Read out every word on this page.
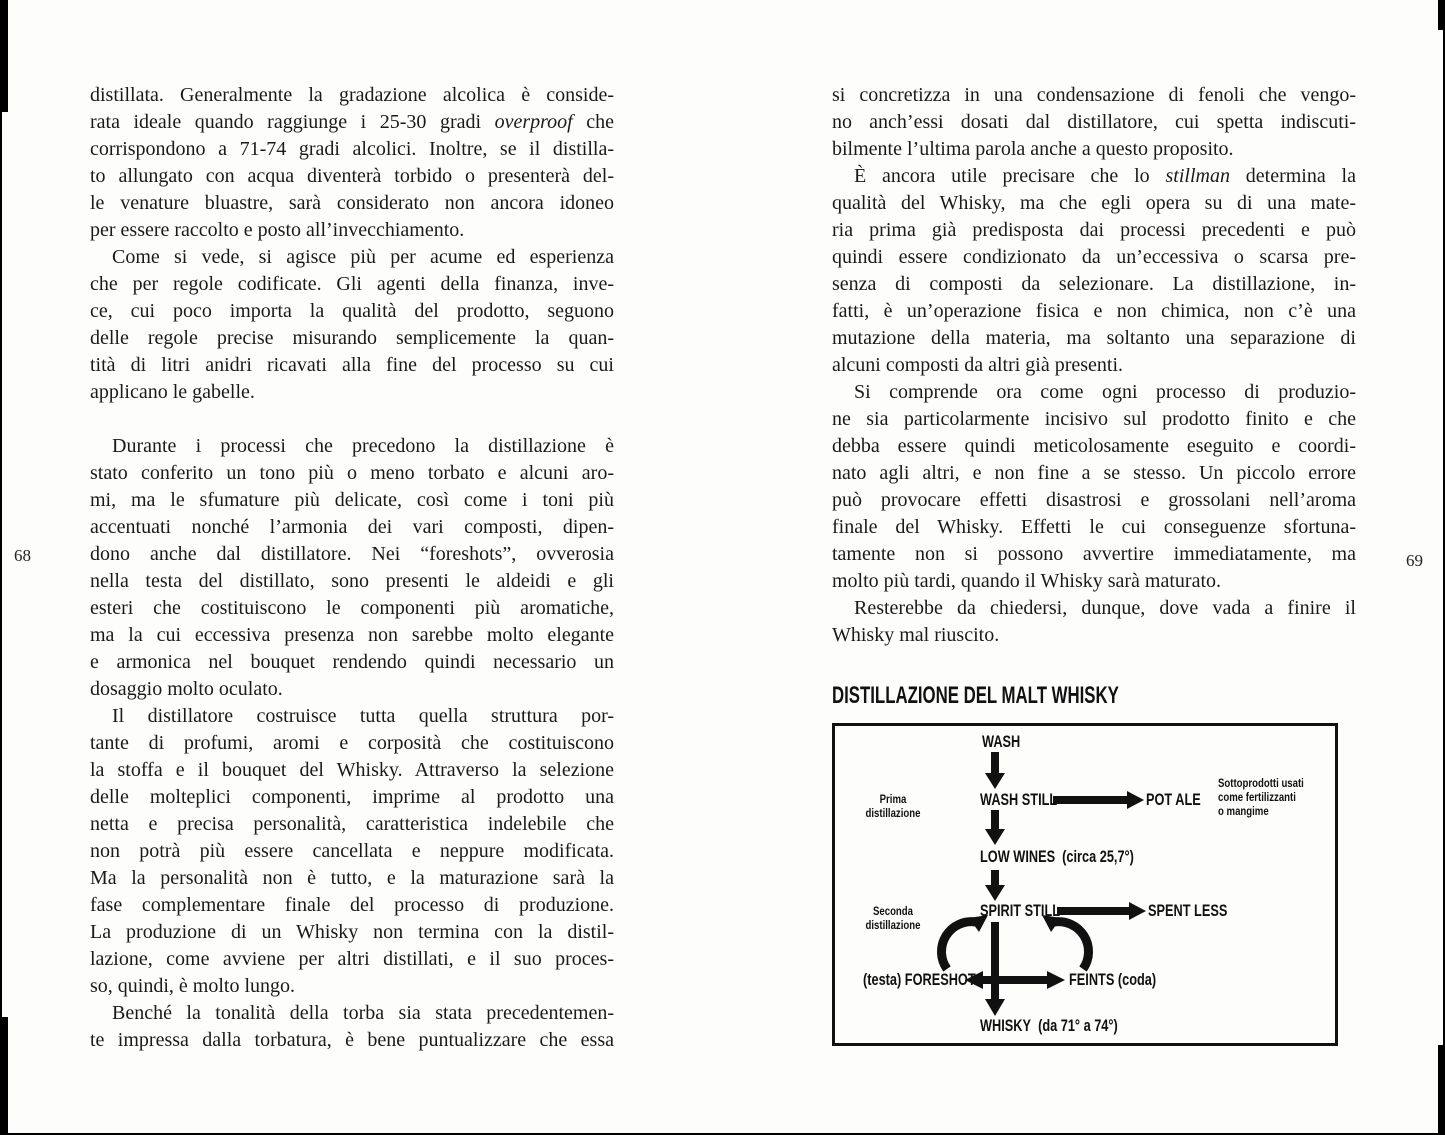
68	69
distillata. Generalmente la gradazione alcolica è conside-
rata ideale quando raggiunge i 25-30 gradi overproof che
corrispondono a 71-74 gradi alcolici. Inoltre, se il distilla-
to allungato con acqua diventerà torbido o presenterà del-
le venature bluastre, sarà considerato non ancora idoneo
per essere raccolto e posto all’invecchiamento.
Come si vede, si agisce più per acume ed esperienza
che per regole codificate. Gli agenti della finanza, inve-
ce, cui poco importa la qualità del prodotto, seguono
delle regole precise misurando semplicemente la quan-
tità di litri anidri ricavati alla fine del processo su cui
applicano le gabelle.
Durante i processi che precedono la distillazione è
stato conferito un tono più o meno torbato e alcuni aro-
mi, ma le sfumature più delicate, così come i toni più
accentuati nonché l’armonia dei vari composti, dipen-
dono anche dal distillatore. Nei “foreshots”, ovverosia
nella testa del distillato, sono presenti le aldeidi e gli
esteri che costituiscono le componenti più aromatiche,
ma la cui eccessiva presenza non sarebbe molto elegante
e armonica nel bouquet rendendo quindi necessario un
dosaggio molto oculato.
Il distillatore costruisce tutta quella struttura por-
tante di profumi, aromi e corposità che costituiscono
la stoffa e il bouquet del Whisky. Attraverso la selezione
delle molteplici componenti, imprime al prodotto una
netta e precisa personalità, caratteristica indelebile che
non potrà più essere cancellata e neppure modificata.
Ma la personalità non è tutto, e la maturazione sarà la
fase complementare finale del processo di produzione.
La produzione di un Whisky non termina con la distil-
lazione, come avviene per altri distillati, e il suo proces-
so, quindi, è molto lungo.
Benché la tonalità della torba sia stata precedentemen-
te impressa dalla torbatura, è bene puntualizzare che essa
si concretizza in una condensazione di fenoli che vengo-
no anch’essi dosati dal distillatore, cui spetta indiscuti-
bilmente l’ultima parola anche a questo proposito.
È ancora utile precisare che lo stillman determina la
qualità del Whisky, ma che egli opera su di una mate-
ria prima già predisposta dai processi precedenti e può
quindi essere condizionato da un’eccessiva o scarsa pre-
senza di composti da selezionare. La distillazione, in-
fatti, è un’operazione fisica e non chimica, non c’è una
mutazione della materia, ma soltanto una separazione di
alcuni composti da altri già presenti.
Si comprende ora come ogni processo di produzio-
ne sia particolarmente incisivo sul prodotto finito e che
debba essere quindi meticolosamente eseguito e coordi-
nato agli altri, e non fine a se stesso. Un piccolo errore
può provocare effetti disastrosi e grossolani nell’aroma
finale del Whisky. Effetti le cui conseguenze sfortuna-
tamente non si possono avvertire immediatamente, ma
molto più tardi, quando il Whisky sarà maturato.
Resterebbe da chiedersi, dunque, dove vada a finire il
Whisky mal riuscito.
DISTILLAZIONE DEL MALT WHISKY
WASH
WASH STILL	POT ALE
LOW WINES  (circa 25,7°)
SPIRIT STILL	SPENT LESS
(testa) FORESHOT	FEINTS (coda)
WHISKY  (da 71° a 74°)
Prima
distillazione
Seconda
distillazione
Sottoprodotti usati
come fertilizzanti
o mangime
